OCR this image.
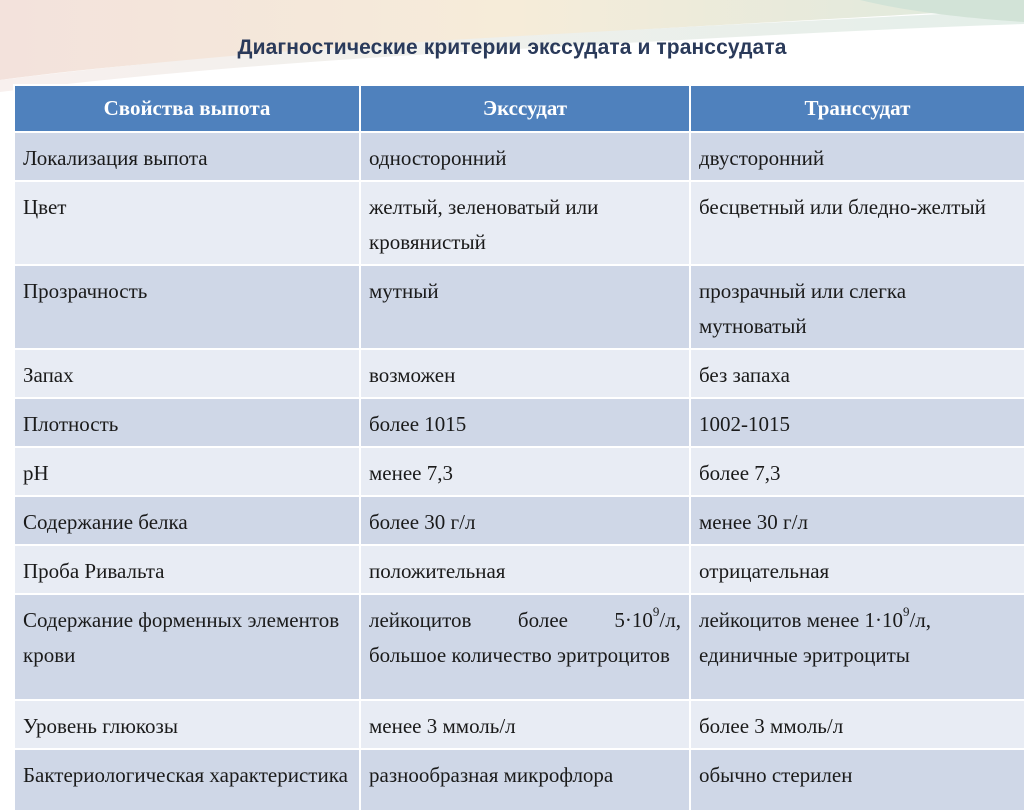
Диагностические критерии экссудата и транссудата
Свойства выпота	Экссудат	Транссудат
Локализация выпота	односторонний	двусторонний
Цвет	желтый, зеленоватый или кровянистый	бесцветный или бледно-желтый
Прозрачность	мутный	прозрачный или слегка мутноватый
Запах	возможен	без запаха
Плотность	более 1015	1002-1015
pH	менее 7,3	более 7,3
Содержание белка	более 30 г/л	менее 30 г/л
Проба Ривальта	положительная	отрицательная
Содержание форменных элементов крови	лейкоцитов более $5\cdot 10^9/л$, большое количество эритроцитов	лейкоцитов менее $1\cdot 10^9/л$, единичные эритроциты
Уровень глюкозы	менее 3 ммоль/л	более 3 ммоль/л
Бактериологическая характеристика	разнообразная микрофлора	обычно стерилен
